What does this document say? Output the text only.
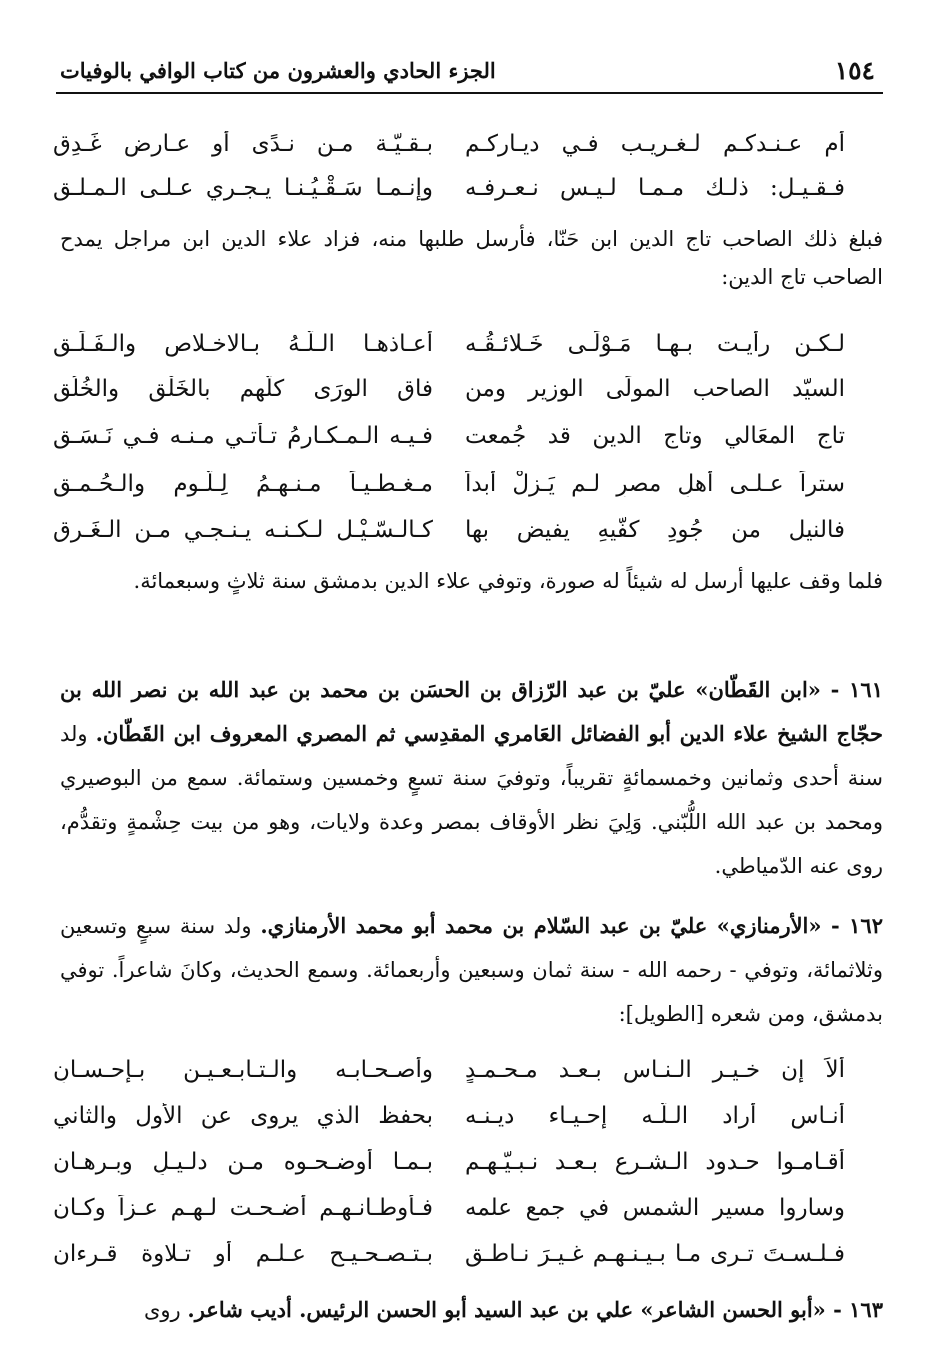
١٥٤
الجزء الحادي والعشرون من كتاب الوافي بالوفيات
أم عـنـدكـم لـغـريـب فـي ديـاركـم
بـقـيّـة مـن نـدًى أو عـارض غَـدِق
فـقـيـل: ذلـك مـمـا لـيـس نـعـرفـه
وإنـمـا سَـقْـيُـنـا يـجـري عـلـى الـمـلـق
فبلغ ذلك الصاحب تاج الدين ابن حَنّا، فأرسل طلبها منه، فزاد علاء الدين ابن مراجل يمدح الصاحب تاج الدين:
لـكـن رأيـت بـهـا مَـوْلًـى خَـلائـقُـه
أعـاذهـا الـلّـهُ بـالاخـلاصِ والـفَـلَـقِ
السيّد الصاحب المولَى الوزير ومن
فاق الورَى كلُّهم بالخَلْقِ والخُلُق
تاج المعَالي وتاج الدين قد جُمعت
فـيـه الـمـكـارمُ تـأتـي مـنـه فـي نَـسَـق
ستراً عـلـى أهلِ مصرٍ لـم يَـزلْ أبداً
مـغـطـيـاً مـنـهـمُ لِـلُّـوم والـحُـمـق
فالنيل من جُودِ كفَّيهِ يفيض بها
كـالـسّـيْـل لـكـنـه يـنـجـي مـن الـغَـرق
فلما وقف عليها أرسل له شيئاً له صورة، وتوفي علاء الدين بدمشق سنة ثلاثٍ وسبعمائة.
١٦١ - «ابن القَطّان» عليّ بن عبد الرّزاق بن الحسَن بن محمد بن عبد الله بن نصر الله بن حجّاج الشيخ علاء الدين أبو الفضائل العَامري المقدِسي ثم المصري المعروف ابن القَطّان. ولد سنة أحدى وثمانين وخمسمائةٍ تقريباً، وتوفيَ سنة تسعٍ وخمسين وستمائة. سمع من البوصيري ومحمد بن عبد الله اللُّبّني. وَلِيَ نظر الأوقاف بمصر وعدة ولايات، وهو من بيت حِشْمةٍ وتقدُّم، روى عنه الدّمياطي.
١٦٢ - «الأرمنازي» عليّ بن عبد السّلام بن محمد أبو محمد الأرمنازي. ولد سنة سبعٍ وتسعين وثلاثمائة، وتوفي - رحمه الله - سنة ثمان وسبعين وأربعمائة. وسمع الحديث، وكانَ شاعراً. توفي بدمشق، ومن شعره [الطويل]:
ألاَ إن خـيـر الـنـاس بـعـد مـحـمـدٍ
وأصـحـابـه والـتـابـعـيـن بـإحـسـانِ
أنـاس أراد الـلّـه إحـيـاء ديـنـه
بحفظ الذي يروى عن الأول والثاني
أقـامـوا حـدود الـشـرع بـعـد نـبـيّـهـم
بـمـا أوضـحـوه مـن دلـيـلٍ وبـرهـان
وساروا مسير الشمس في جمع علمه
فـأوطـانـهـم أضـحـت لـهـم عـزاً وكـان
فـلـسـتَ تـرى مـا بـيـنـهـم غـيـرَ نـاطـقٍ
بـتـصـحـيـح عـلـمٍ أو تـلاوة قـرءان
١٦٣ - «أبو الحسن الشاعر» علي بن عبد السيد أبو الحسن الرئيس. أديب شاعر. روى
